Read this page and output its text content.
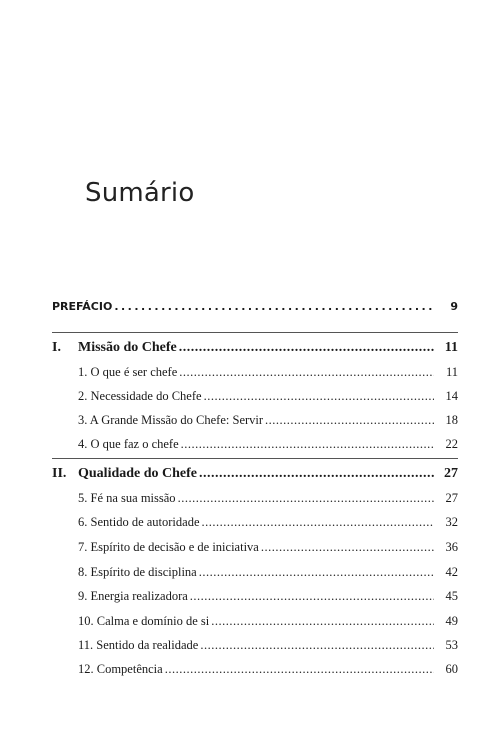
Sumário
PREFÁCIO .....	9
I.	Missão do Chefe .....	11
1. O que é ser chefe .....	11
2. Necessidade do Chefe .....	14
3. A Grande Missão do Chefe: Servir .....	18
4. O que faz o chefe .....	22
II. Qualidade do Chefe .....	27
5. Fé na sua missão .....	27
6. Sentido de autoridade .....	32
7. Espírito de decisão e de iniciativa .....	36
8. Espírito de disciplina .....	42
9. Energia realizadora .....	45
10. Calma e domínio de si .....	49
11. Sentido da realidade .....	53
12. Competência .....	60
